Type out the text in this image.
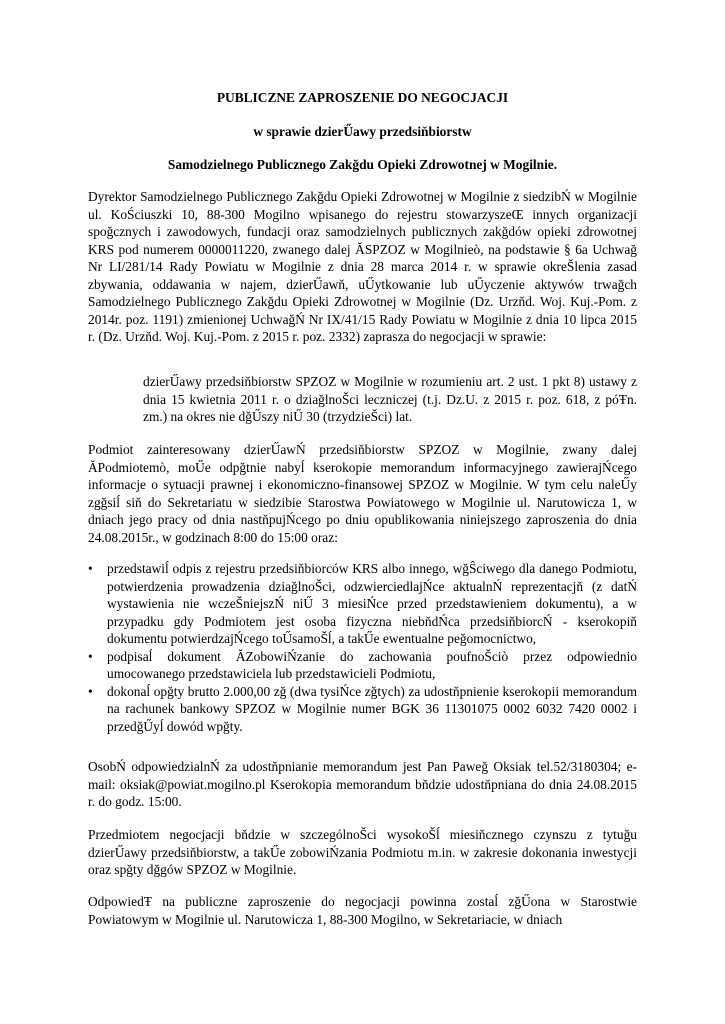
PUBLICZNE ZAPROSZENIE DO NEGOCJACJI
w sprawie dzierŰawy przedsiňbiorstw
Samodzielnego Publicznego Zakğdu Opieki Zdrowotnej w Mogilnie.
Dyrektor Samodzielnego Publicznego Zakğdu Opieki Zdrowotnej w Mogilnie z siedzibŃ w Mogilnie ul. KoŚciuszki 10, 88-300 Mogilno wpisanego do rejestru stowarzyszeŒ innych organizacji spoğcznych i zawodowych, fundacji oraz samodzielnych publicznych zakğdów opieki zdrowotnej KRS pod numerem 0000011220, zwanego dalej ĂSPZOZ w Mogilnieò, na podstawie § 6a Uchwağ Nr LI/281/14 Rady Powiatu w Mogilnie z dnia 28 marca 2014 r. w sprawie okreŠlenia zasad zbywania, oddawania w najem, dzierŰawň, uŰytkowanie lub uŰyczenie aktywów trwağch Samodzielnego Publicznego Zakğdu Opieki Zdrowotnej w Mogilnie (Dz. Urzňd. Woj. Kuj.-Pom. z 2014r. poz. 1191) zmienionej UchwağŃ Nr IX/41/15 Rady Powiatu w Mogilnie z dnia 10 lipca 2015 r. (Dz. Urzňd. Woj. Kuj.-Pom. z 2015 r. poz. 2332) zaprasza do negocjacji w sprawie:
dzierŰawy przedsiňbiorstw SPZOZ w Mogilnie w rozumieniu art. 2 ust. 1 pkt 8) ustawy z dnia 15 kwietnia 2011 r. o dziağlnoŠci leczniczej (t.j. Dz.U. z 2015 r. poz. 618, z póŦn. zm.) na okres nie dğŰszy niŰ 30 (trzydzieŠci) lat.
Podmiot zainteresowany dzierŰawŃ przedsiňbiorstw SPZOZ w Mogilnie, zwany dalej ĂPodmiotemò, moŰe odpğtnie nabyĺ kserokopie memorandum informacyjnego zawierajŃcego informacje o sytuacji prawnej i ekonomiczno-finansowej SPZOZ w Mogilnie. W tym celu naleŰy zgğsiĺ siň do Sekretariatu w siedzibie Starostwa Powiatowego w Mogilnie ul. Narutowicza 1, w dniach jego pracy od dnia nastňpujŃcego po dniu opublikowania niniejszego zaproszenia do dnia 24.08.2015r., w godzinach 8:00 do 15:00 oraz:
• przedstawiĺ odpis z rejestru przedsiňbiorców KRS albo innego, wğŜciwego dla danego Podmiotu, potwierdzenia prowadzenia dziağlnoŠci, odzwierciedlajŃce aktualnŃ reprezentacjň (z datŃ wystawienia nie wczeŠniejszŃ niŰ 3 miesiŃce przed przedstawieniem dokumentu), a w przypadku gdy Podmiotem jest osoba fizyczna niebňdŃca przedsiňbiorcŃ - kserokopiň dokumentu potwierdzajŃcego toŰsamoŠĺ, a takŰe ewentualne peğomocnictwo,
• podpisaĺ dokument ĂZobowiŃzanie do zachowania poufnoŠciò przez odpowiednio umocowanego przedstawiciela lub przedstawicieli Podmiotu,
• dokonaĺ opğty brutto 2.000,00 zğ (dwa tysiŃce zğtych) za udostňpnienie kserokopii memorandum na rachunek bankowy SPZOZ w Mogilnie numer BGK 36 11301075 0002 6032 7420 0002 i przedğŰyĺ dowód wpğty.
OsobŃ odpowiedzialnŃ za udostňpnianie memorandum jest Pan Paweğ Oksiak tel.52/3180304; e-mail: oksiak@powiat.mogilno.pl Kserokopia memorandum bňdzie udostňpniana do dnia 24.08.2015 r. do godz. 15:00.
Przedmiotem negocjacji bňdzie w szczególnoŠci wysokoŠĺ miesiňcznego czynszu z tytuğu dzierŰawy przedsiňbiorstw, a takŰe zobowiŃzania Podmiotu m.in. w zakresie dokonania inwestycji oraz spğty dğgów SPZOZ w Mogilnie.
OdpowiedŦ na publiczne zaproszenie do negocjacji powinna zostaĺ zğŰona w Starostwie Powiatowym w Mogilnie ul. Narutowicza 1, 88-300 Mogilno, w Sekretariacie, w dniach
